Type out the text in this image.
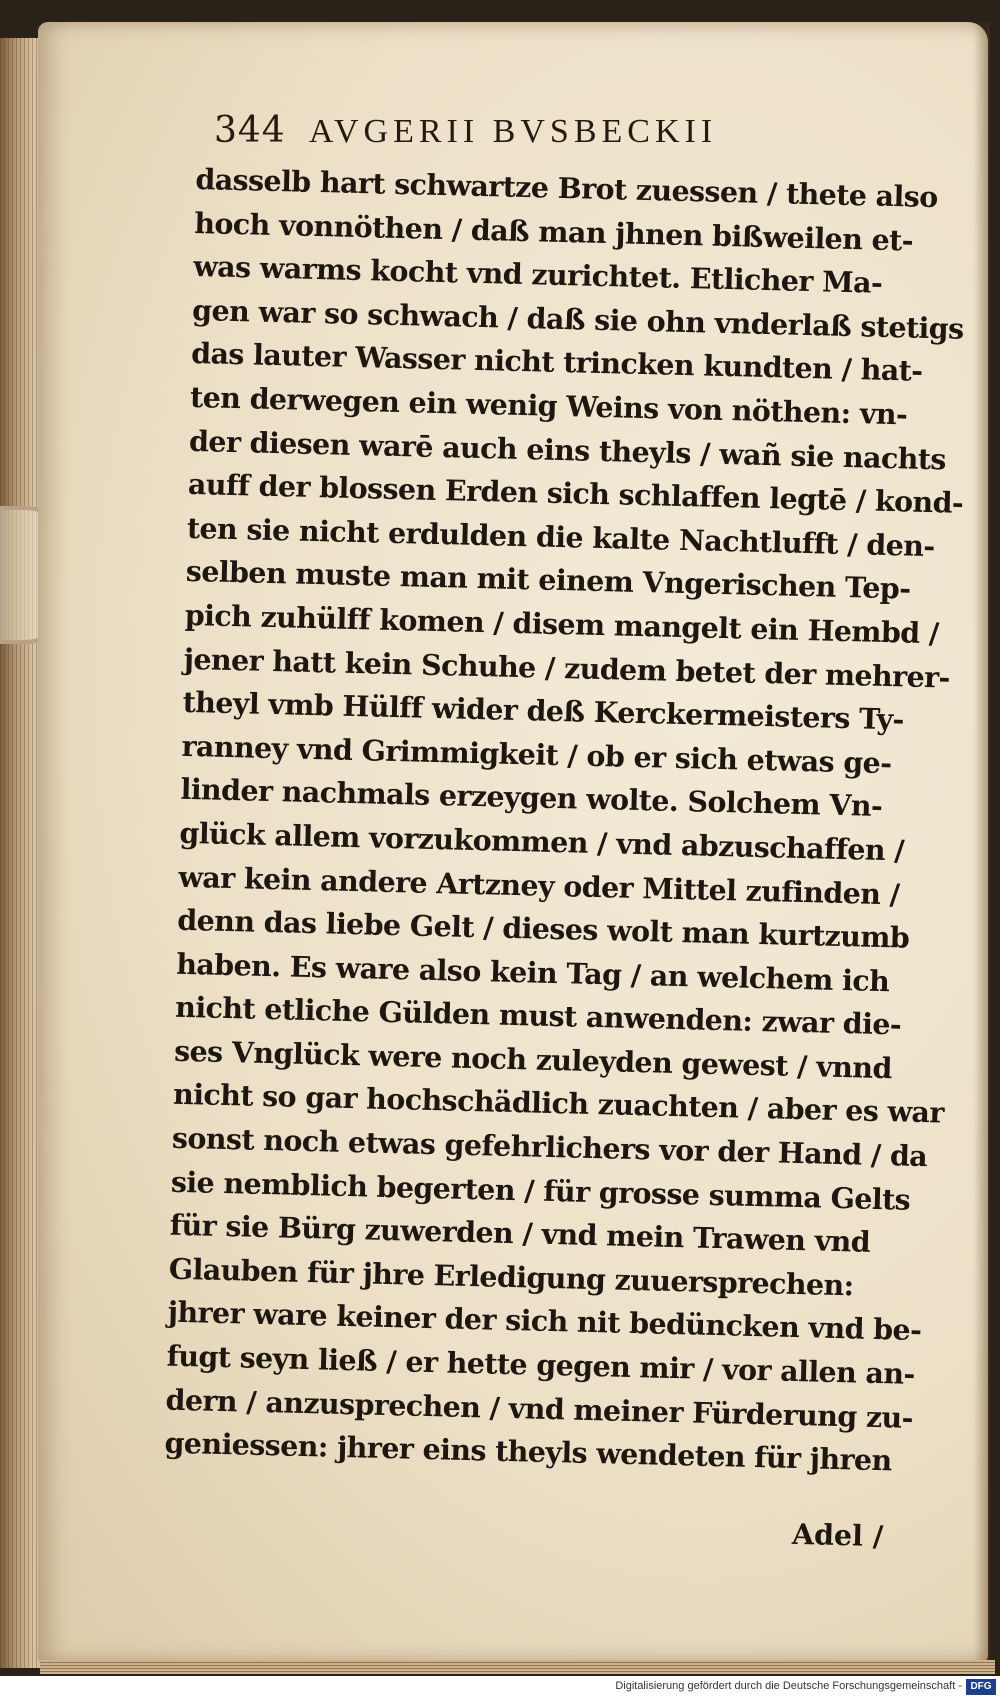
344 AVGERII BVSBECKII
dasselb hart schwartze Brot zuessen / thete also
hoch vonnöthen / daß man jhnen bißweilen et-
was warms kocht vnd zurichtet. Etlicher Ma-
gen war so schwach / daß sie ohn vnderlaß stetigs
das lauter Wasser nicht trincken kundten / hat-
ten derwegen ein wenig Weins von nöthen: vn-
der diesen warē auch eins theyls / wañ sie nachts
auff der blossen Erden sich schlaffen legtē / kond-
ten sie nicht erdulden die kalte Nachtlufft / den-
selben muste man mit einem Vngerischen Tep-
pich zuhülff komen / disem mangelt ein Hembd /
jener hatt kein Schuhe / zudem betet der mehrer-
theyl vmb Hülff wider deß Kerckermeisters Ty-
ranney vnd Grimmigkeit / ob er sich etwas ge-
linder nachmals erzeygen wolte. Solchem Vn-
glück allem vorzukommen / vnd abzuschaffen /
war kein andere Artzney oder Mittel zufinden /
denn das liebe Gelt / dieses wolt man kurtzumb
haben. Es ware also kein Tag / an welchem ich
nicht etliche Gülden must anwenden: zwar die-
ses Vnglück were noch zuleyden gewest / vnnd
nicht so gar hochschädlich zuachten / aber es war
sonst noch etwas gefehrlichers vor der Hand / da
sie nemblich begerten / für grosse summa Gelts
für sie Bürg zuwerden / vnd mein Trawen vnd
Glauben für jhre Erledigung zuuersprechen:
jhrer ware keiner der sich nit bedüncken vnd be-
fugt seyn ließ / er hette gegen mir / vor allen an-
dern / anzusprechen / vnd meiner Fürderung zu-
geniessen: jhrer eins theyls wendeten für jhren
Adel /
Digitalisierung gefördert durch die Deutsche Forschungsgemeinschaft - DFG
